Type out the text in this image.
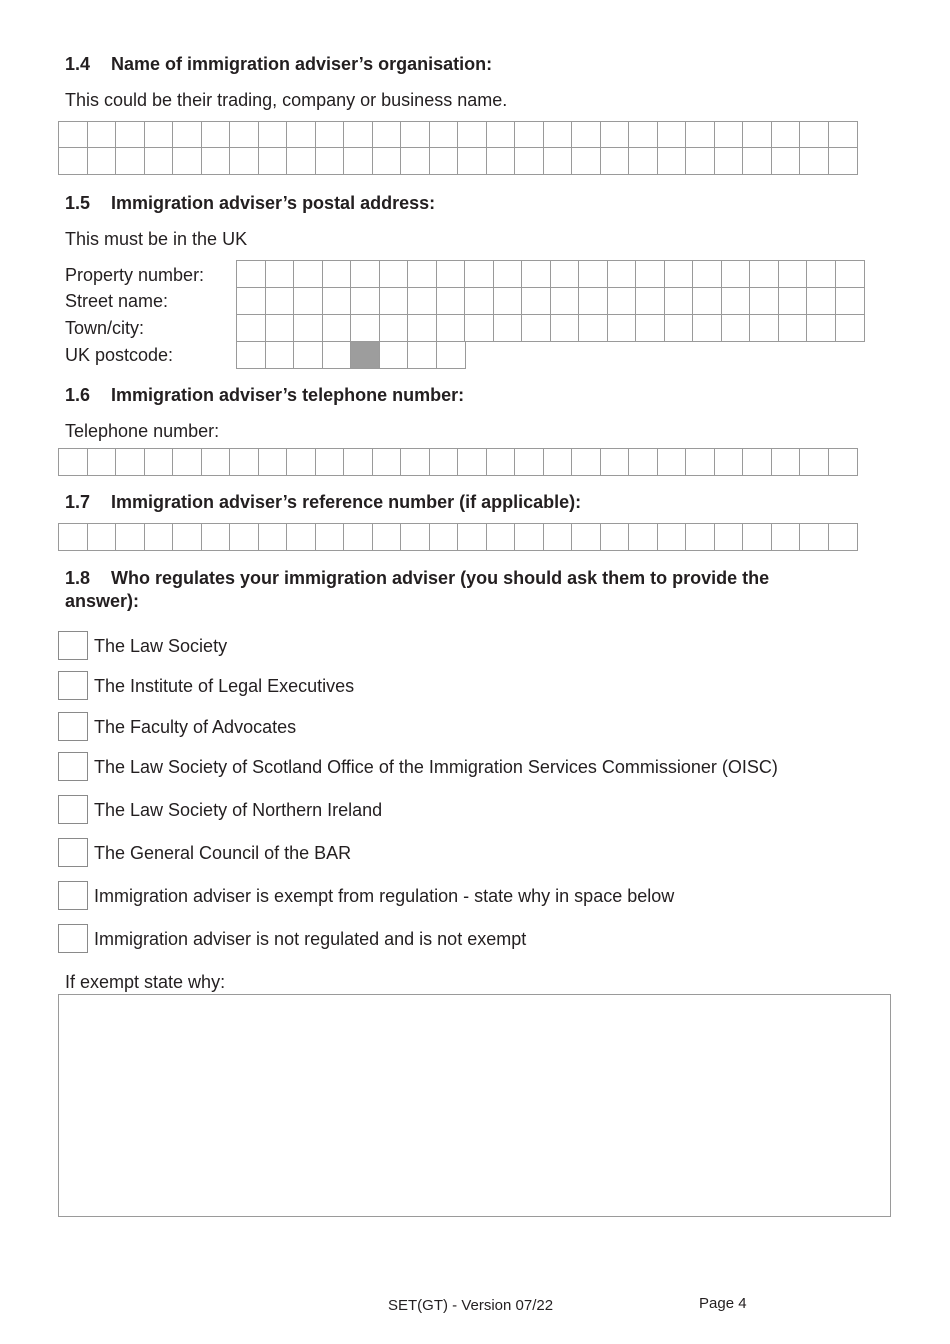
1.4 Name of immigration adviser’s organisation:
This could be their trading, company or business name.
1.5 Immigration adviser’s postal address:
This must be in the UK
Property number:
Street name:
Town/city:
UK postcode:
1.6 Immigration adviser’s telephone number:
Telephone number:
1.7 Immigration adviser’s reference number (if applicable):
1.8 Who regulates your immigration adviser (you should ask them to provide the answer):
The Law Society
The Institute of Legal Executives
The Faculty of Advocates
The Law Society of Scotland Office of the Immigration Services Commissioner (OISC)
The Law Society of Northern Ireland
The General Council of the BAR
Immigration adviser is exempt from regulation - state why in space below
Immigration adviser is not regulated and is not exempt
If exempt state why:
SET(GT) - Version 07/22	Page 4
